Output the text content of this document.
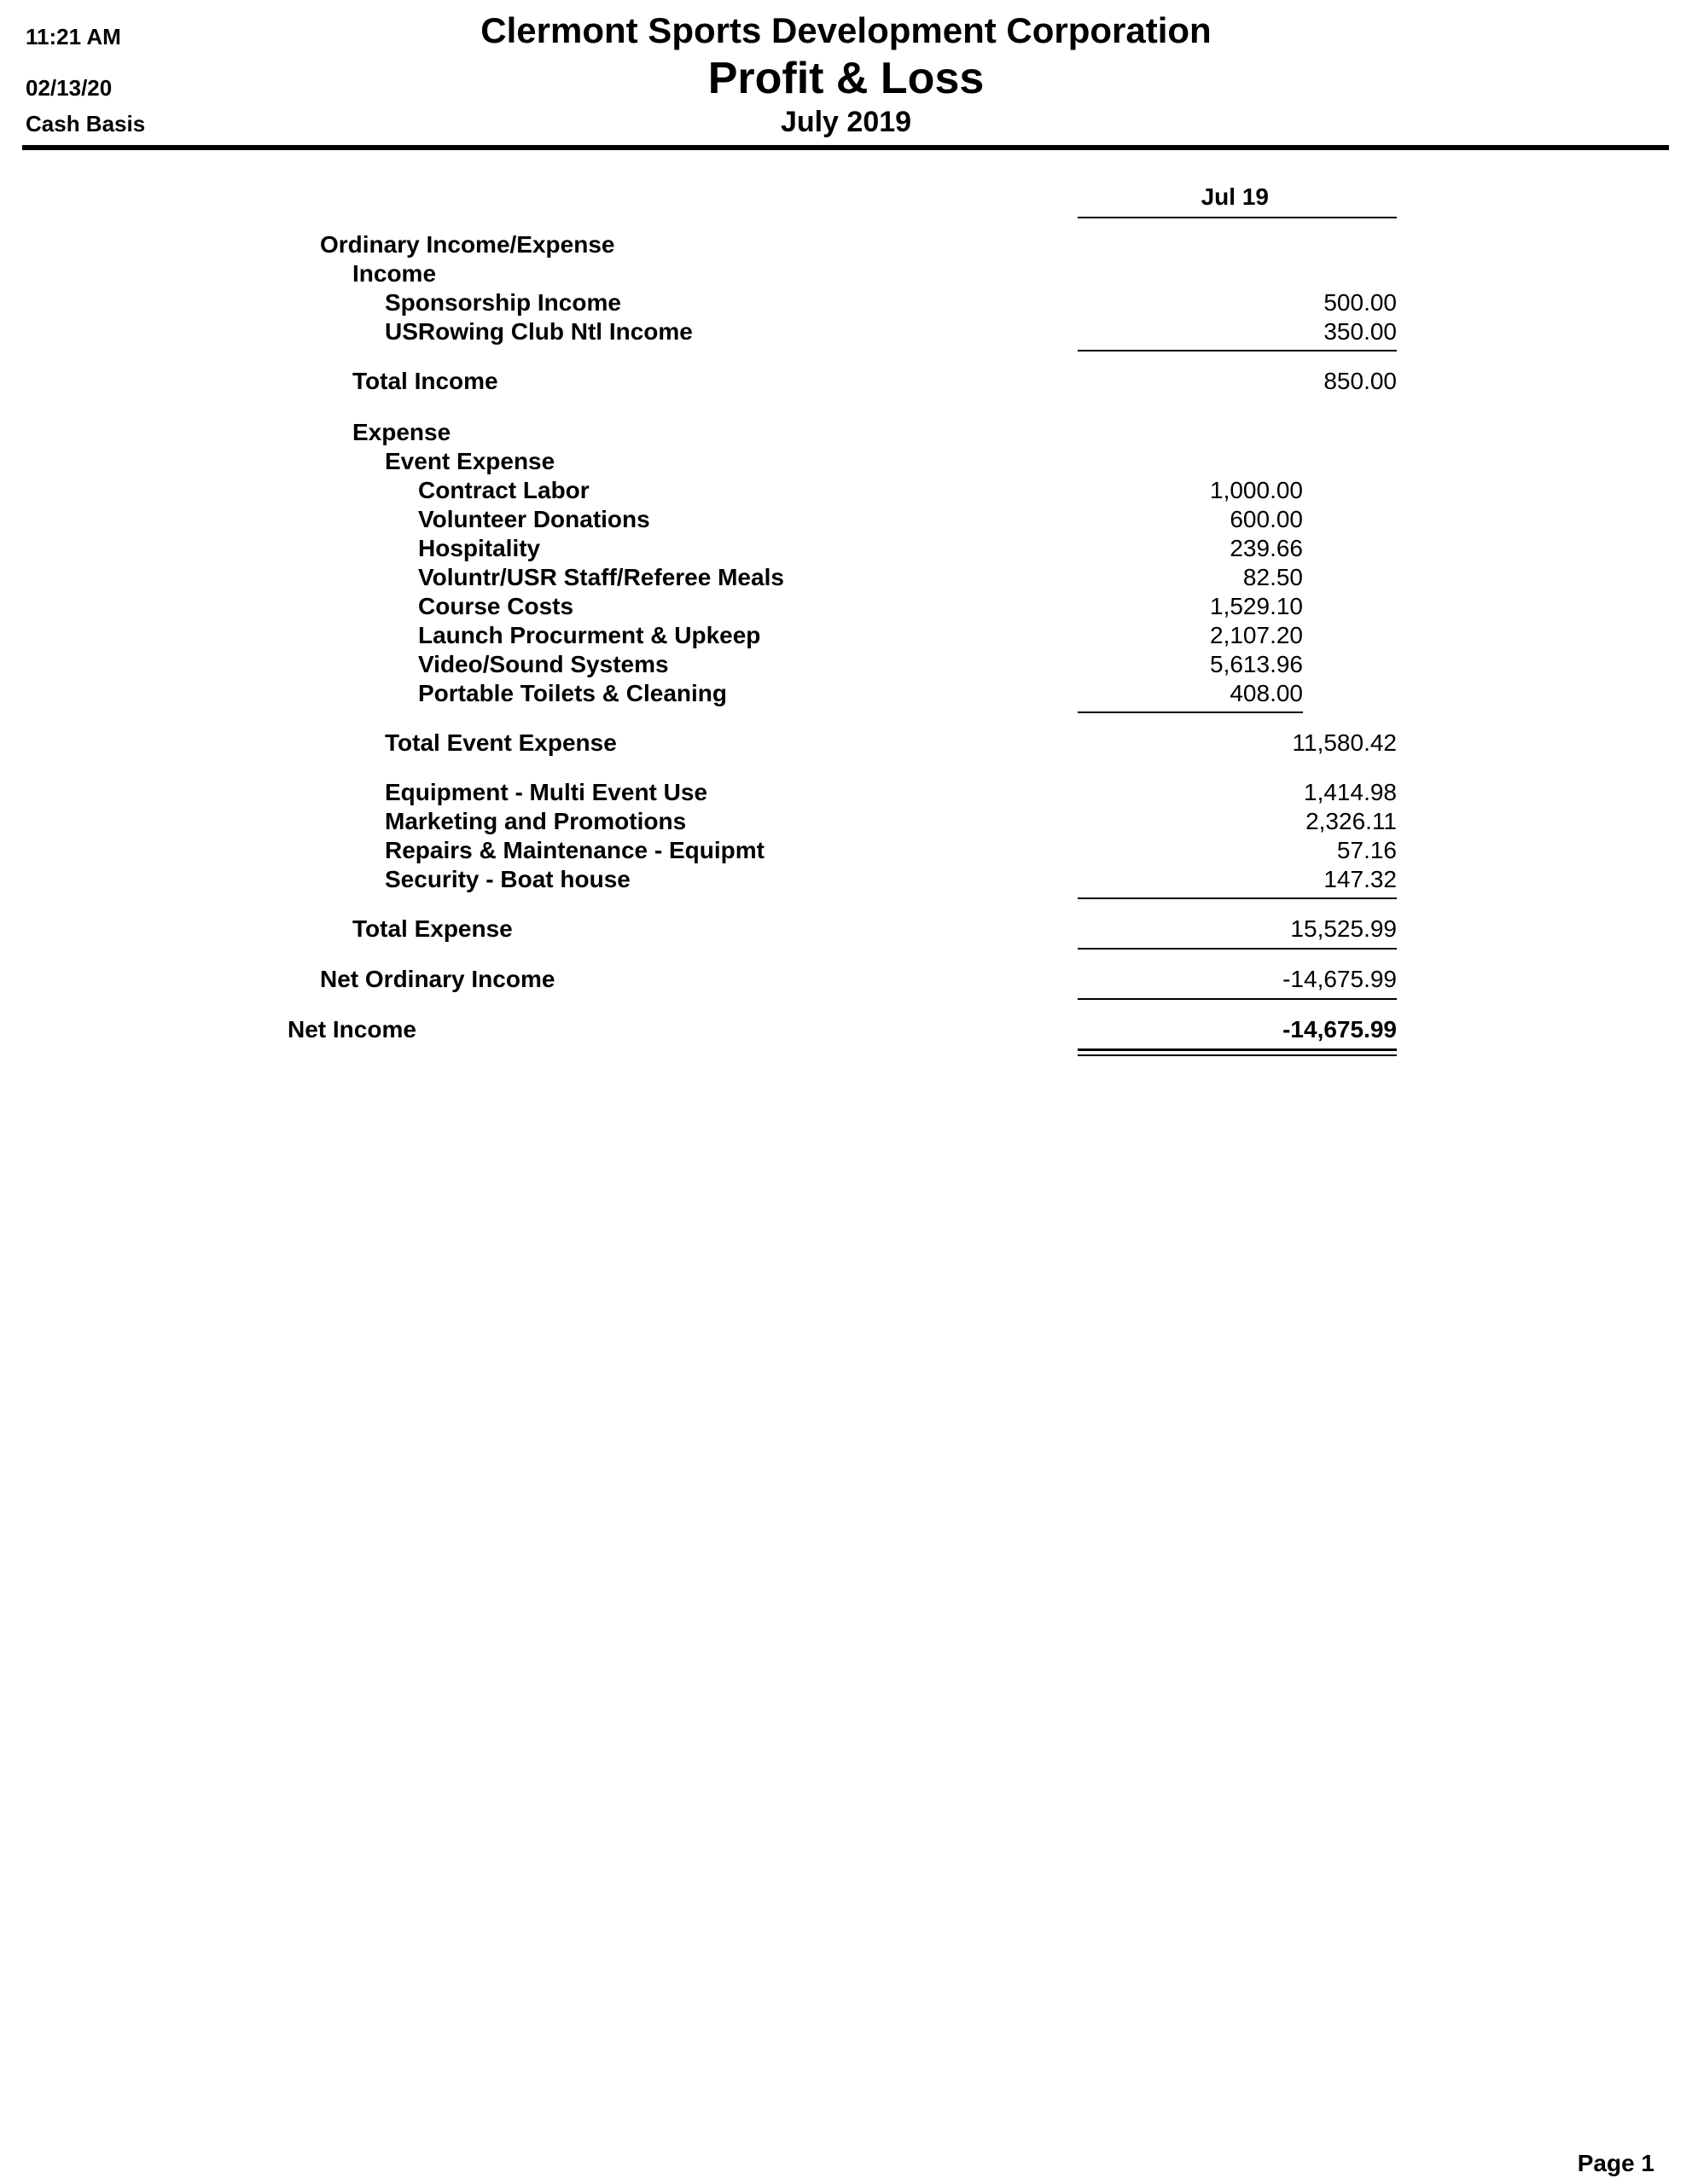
11:21 AM
02/13/20
Cash Basis
Clermont Sports Development Corporation
Profit & Loss
July 2019
Jul 19
Ordinary Income/Expense
Income
Sponsorship Income	500.00
USRowing Club Ntl Income	350.00
Total Income	850.00
Expense
Event Expense
Contract Labor	1,000.00
Volunteer Donations	600.00
Hospitality	239.66
Voluntr/USR Staff/Referee Meals	82.50
Course Costs	1,529.10
Launch Procurment & Upkeep	2,107.20
Video/Sound Systems	5,613.96
Portable Toilets & Cleaning	408.00
Total Event Expense	11,580.42
Equipment - Multi Event Use	1,414.98
Marketing and Promotions	2,326.11
Repairs & Maintenance - Equipmt	57.16
Security - Boat house	147.32
Total Expense	15,525.99
Net Ordinary Income	-14,675.99
Net Income	-14,675.99
Page 1
